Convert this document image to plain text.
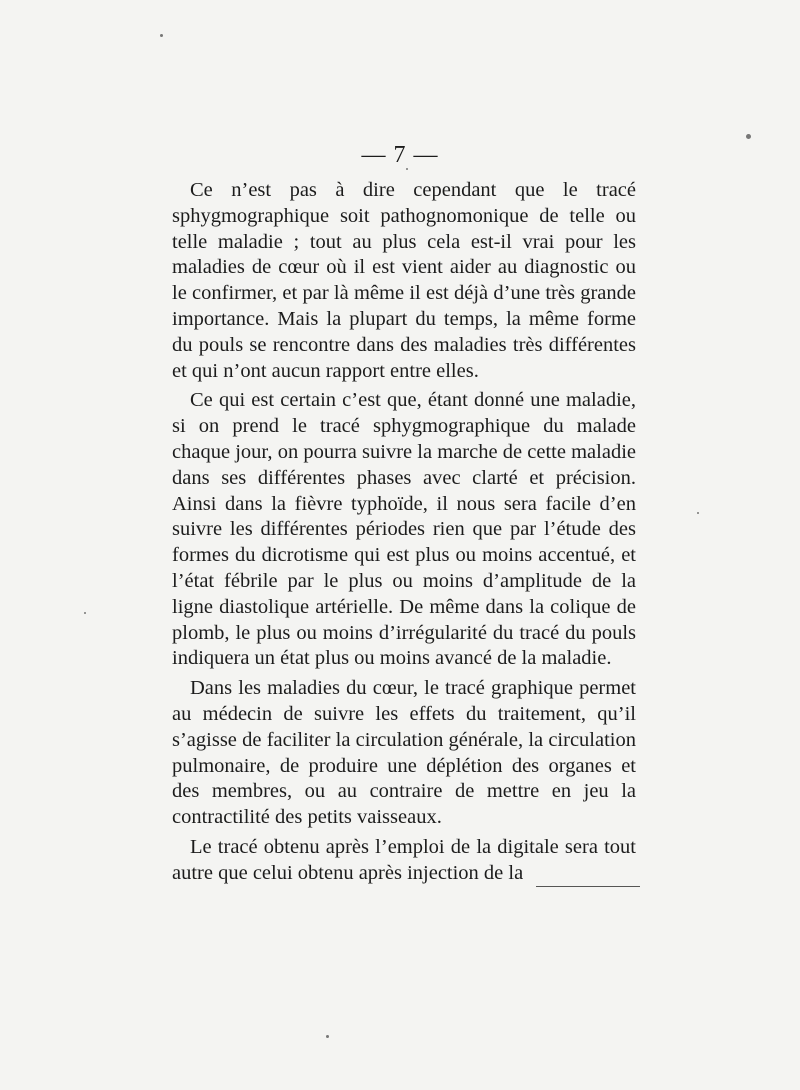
— 7 —

Ce n’est pas à dire cependant que le tracé sphygmographique soit pathognomonique de telle ou telle maladie ; tout au plus cela est-il vrai pour les maladies de cœur où il est vient aider au diagnostic ou le confirmer, et par là même il est déjà d’une très grande importance. Mais la plupart du temps, la même forme du pouls se rencontre dans des maladies très différentes et qui n’ont aucun rapport entre elles.

Ce qui est certain c’est que, étant donné une maladie, si on prend le tracé sphygmographique du malade chaque jour, on pourra suivre la marche de cette maladie dans ses différentes phases avec clarté et précision. Ainsi dans la fièvre typhoïde, il nous sera facile d’en suivre les différentes périodes rien que par l’étude des formes du dicrotisme qui est plus ou moins accentué, et l’état fébrile par le plus ou moins d’amplitude de la ligne diastolique artérielle. De même dans la colique de plomb, le plus ou moins d’irrégularité du tracé du pouls indiquera un état plus ou moins avancé de la maladie.

Dans les maladies du cœur, le tracé graphique permet au médecin de suivre les effets du traitement, qu’il s’agisse de faciliter la circulation générale, la circulation pulmonaire, de produire une déplétion des organes et des membres, ou au contraire de mettre en jeu la contractilité des petits vaisseaux.

Le tracé obtenu après l’emploi de la digitale sera tout autre que celui obtenu après injection de la
